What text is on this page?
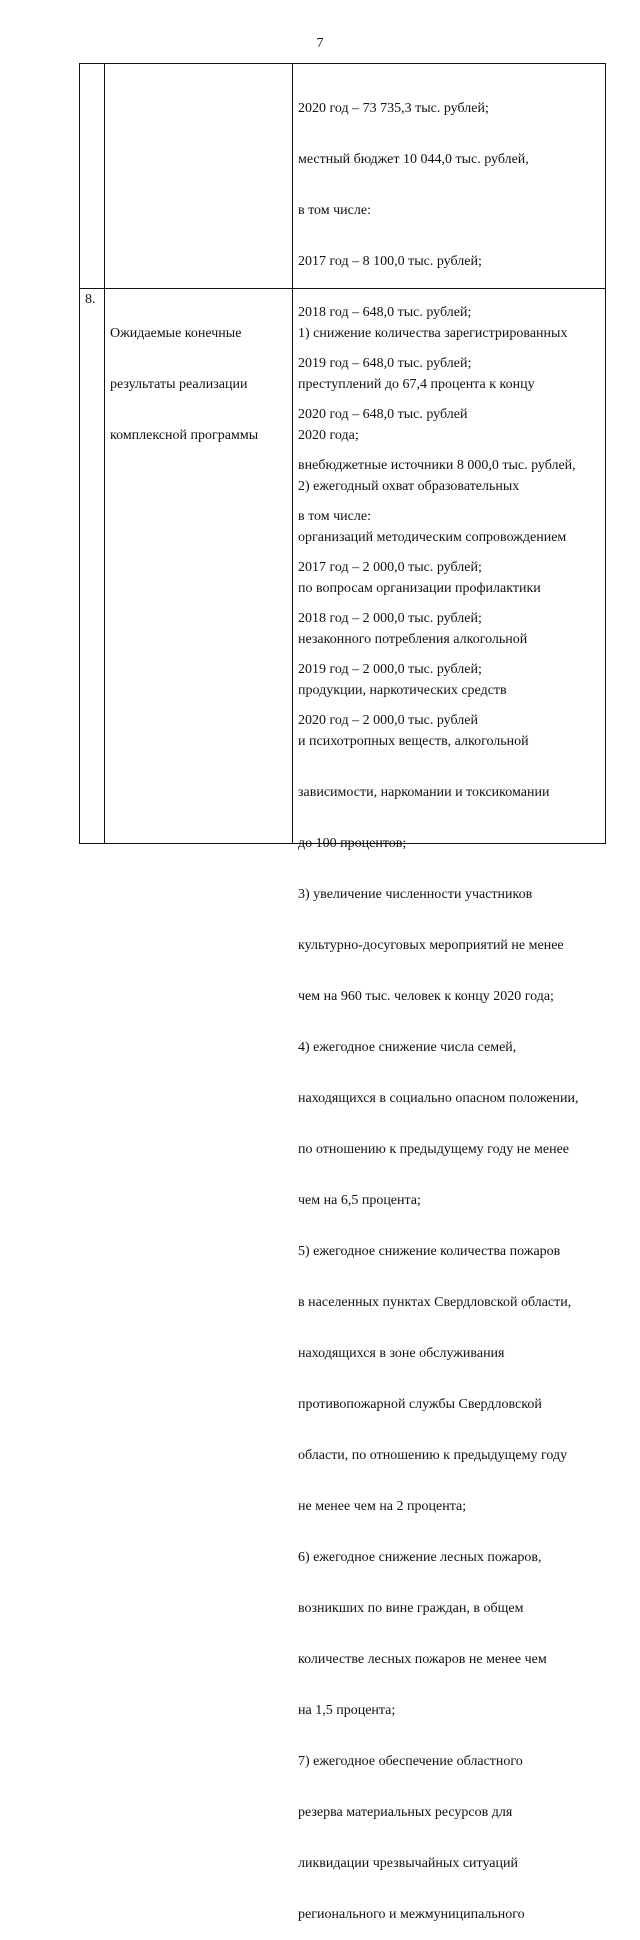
7

2020 год – 73 735,3 тыс. рублей;

местный бюджет 10 044,0 тыс. рублей,

в том числе:

2017 год – 8 100,0 тыс. рублей;

2018 год – 648,0 тыс. рублей;

2019 год – 648,0 тыс. рублей;

2020 год – 648,0 тыс. рублей

внебюджетные источники 8 000,0 тыс. рублей,

в том числе:

2017 год – 2 000,0 тыс. рублей;

2018 год – 2 000,0 тыс. рублей;

2019 год – 2 000,0 тыс. рублей;

2020 год – 2 000,0 тыс. рублей

8.

Ожидаемые конечные

результаты реализации

комплексной программы

1) снижение количества зарегистрированных

преступлений до 67,4 процента к концу

2020 года;

2) ежегодный охват образовательных

организаций методическим сопровождением

по вопросам организации профилактики

незаконного потребления алкогольной

продукции, наркотических средств

и психотропных веществ, алкогольной

зависимости, наркомании и токсикомании

до 100 процентов;

3) увеличение численности участников

культурно-досуговых мероприятий не менее

чем на 960 тыс. человек к концу 2020 года;

4) ежегодное снижение числа семей,

находящихся в социально опасном положении,

по отношению к предыдущему году не менее

чем на 6,5 процента;

5) ежегодное снижение количества пожаров

в населенных пунктах Свердловской области,

находящихся в зоне обслуживания

противопожарной службы Свердловской

области, по отношению к предыдущему году

не менее чем на 2 процента;

6) ежегодное снижение лесных пожаров,

возникших по вине граждан, в общем

количестве лесных пожаров не менее чем

на 1,5 процента;

7) ежегодное обеспечение областного

резерва материальных ресурсов для

ликвидации чрезвычайных ситуаций

регионального и межмуниципального
